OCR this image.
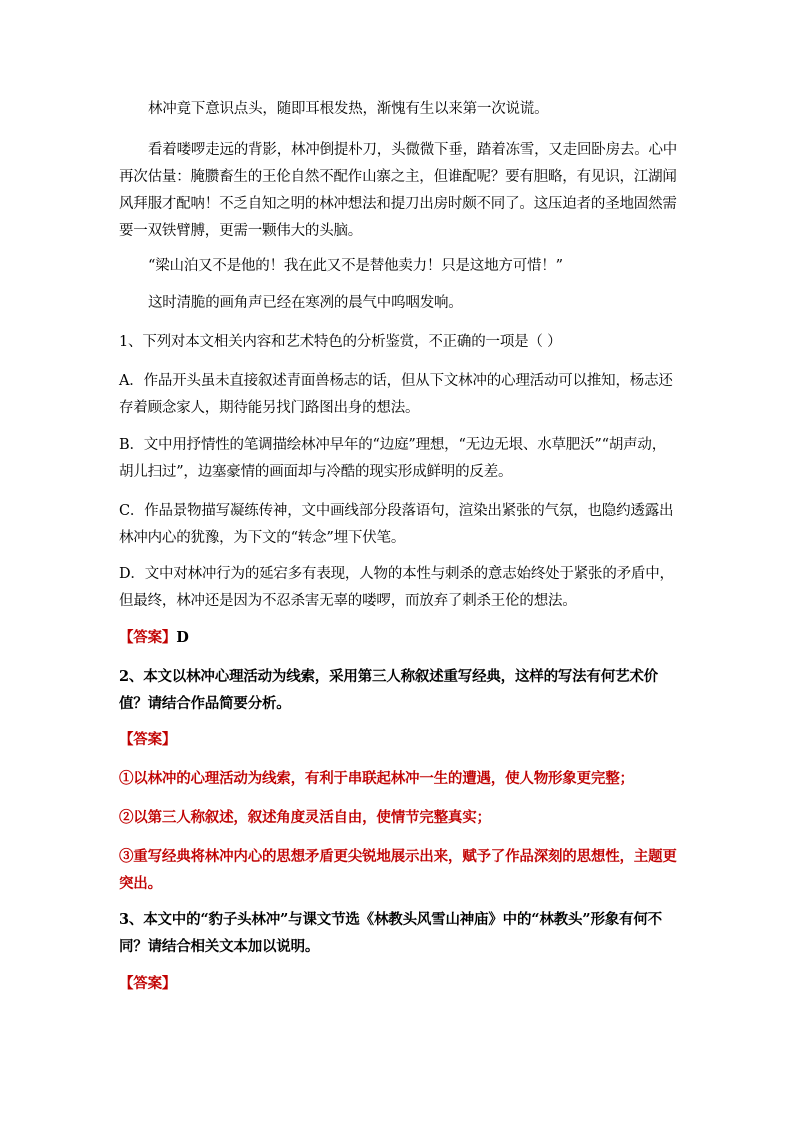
林冲竟下意识点头，随即耳根发热，渐愧有生以来第一次说谎。

看着喽啰走远的背影，林冲倒提朴刀，头微微下垂，踏着冻雪，又走回卧房去。心中再次估量：腌臜畜生的王伦自然不配作山寨之主，但谁配呢？要有胆略，有见识，江湖闻风拜服才配呐！不乏自知之明的林冲想法和提刀出房时颇不同了。这压迫者的圣地固然需要一双铁臂膊，更需一颗伟大的头脑。

“梁山泊又不是他的！我在此又不是替他卖力！只是这地方可惜！”

这时清脆的画角声已经在寒冽的晨气中呜咽发响。

1、下列对本文相关内容和艺术特色的分析鉴赏，不正确的一项是（ ）

A．作品开头虽未直接叙述青面兽杨志的话，但从下文林冲的心理活动可以推知，杨志还存着顾念家人，期待能另找门路图出身的想法。

B．文中用抒情性的笔调描绘林冲早年的“边庭”理想，“无边无垠、水草肥沃”“胡声动，胡儿扫过”，边塞豪情的画面却与冷酷的现实形成鲜明的反差。

C．作品景物描写凝练传神，文中画线部分段落语句，渲染出紧张的气氛，也隐约透露出林冲内心的犹豫，为下文的“转念”埋下伏笔。

D．文中对林冲行为的延宕多有表现，人物的本性与刺杀的意志始终处于紧张的矛盾中，但最终，林冲还是因为不忍杀害无辜的喽啰，而放弃了刺杀王伦的想法。

【答案】D

2、本文以林冲心理活动为线索，采用第三人称叙述重写经典，这样的写法有何艺术价值？请结合作品简要分析。

【答案】

①以林冲的心理活动为线索，有利于串联起林冲一生的遭遇，使人物形象更完整；

②以第三人称叙述，叙述角度灵活自由，使情节完整真实；

③重写经典将林冲内心的思想矛盾更尖锐地展示出来，赋予了作品深刻的思想性，主题更突出。

3、本文中的“豹子头林冲”与课文节选《林教头风雪山神庙》中的“林教头”形象有何不同？请结合相关文本加以说明。

【答案】
